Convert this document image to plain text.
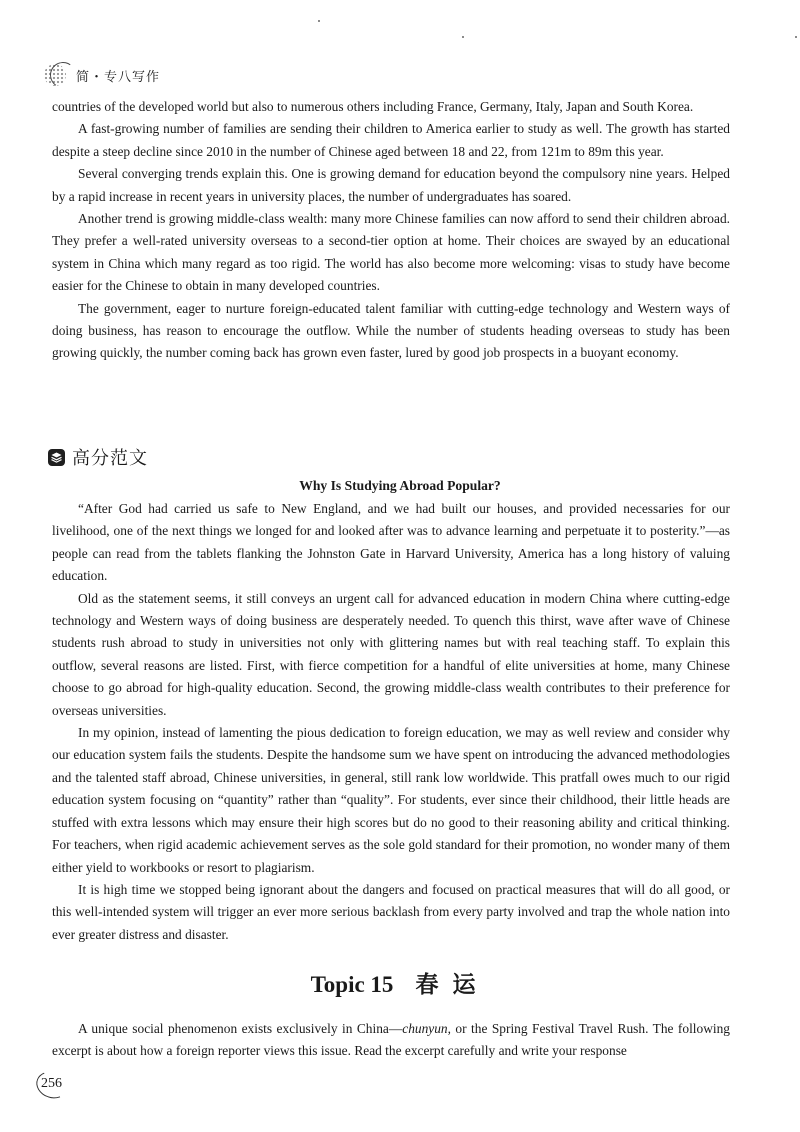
简・专八写作

countries of the developed world but also to numerous others including France, Germany, Italy, Japan and South Korea.

A fast-growing number of families are sending their children to America earlier to study as well. The growth has started despite a steep decline since 2010 in the number of Chinese aged between 18 and 22, from 121m to 89m this year.

Several converging trends explain this. One is growing demand for education beyond the compulsory nine years. Helped by a rapid increase in recent years in university places, the number of undergraduates has soared.

Another trend is growing middle-class wealth: many more Chinese families can now afford to send their children abroad. They prefer a well-rated university overseas to a second-tier option at home. Their choices are swayed by an educational system in China which many regard as too rigid. The world has also become more welcoming: visas to study have become easier for the Chinese to obtain in many developed countries.

The government, eager to nurture foreign-educated talent familiar with cutting-edge technology and Western ways of doing business, has reason to encourage the outflow. While the number of students heading overseas to study has been growing quickly, the number coming back has grown even faster, lured by good job prospects in a buoyant economy.

高分范文
Why Is Studying Abroad Popular?

“After God had carried us safe to New England, and we had built our houses, and provided necessaries for our livelihood, one of the next things we longed for and looked after was to advance learning and perpetuate it to posterity.”—as people can read from the tablets flanking the Johnston Gate in Harvard University, America has a long history of valuing education.

Old as the statement seems, it still conveys an urgent call for advanced education in modern China where cutting-edge technology and Western ways of doing business are desperately needed. To quench this thirst, wave after wave of Chinese students rush abroad to study in universities not only with glittering names but with real teaching staff. To explain this outflow, several reasons are listed. First, with fierce competition for a handful of elite universities at home, many Chinese choose to go abroad for high-quality education. Second, the growing middle-class wealth contributes to their preference for overseas universities.

In my opinion, instead of lamenting the pious dedication to foreign education, we may as well review and consider why our education system fails the students. Despite the handsome sum we have spent on introducing the advanced methodologies and the talented staff abroad, Chinese universities, in general, still rank low worldwide. This pratfall owes much to our rigid education system focusing on “quantity” rather than “quality”. For students, ever since their childhood, their little heads are stuffed with extra lessons which may ensure their high scores but do no good to their reasoning ability and critical thinking. For teachers, when rigid academic achievement serves as the sole gold standard for their promotion, no wonder many of them either yield to workbooks or resort to plagiarism.

It is high time we stopped being ignorant about the dangers and focused on practical measures that will do all good, or this well-intended system will trigger an ever more serious backlash from every party involved and trap the whole nation into ever greater distress and disaster.

Topic 15 春运

A unique social phenomenon exists exclusively in China—chunyun, or the Spring Festival Travel Rush. The following excerpt is about how a foreign reporter views this issue. Read the excerpt carefully and write your response

256
